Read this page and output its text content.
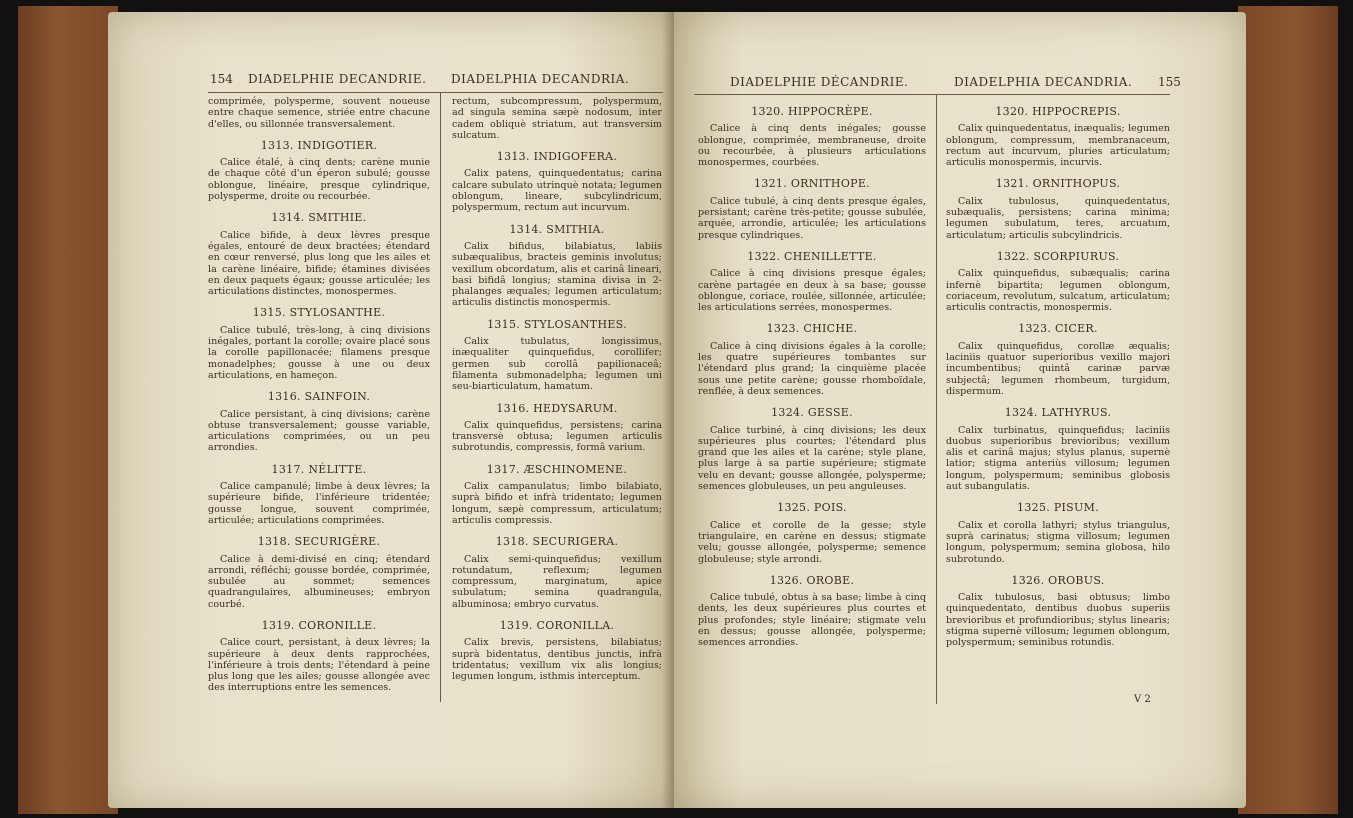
154 DIADELPHIE DECANDRIE. DIADELPHIA DECANDRIA.

comprimée, polysperme, souvent noueuse entre chaque semence, striée entre chacune d'elles, ou sillonnée transversalement.

1313. INDIGOTIER.

Calice étalé, à cinq dents; carène munie de chaque côté d'un éperon subulé; gousse oblongue, linéaire, presque cylindrique, polysperme, droite ou recourbée.

1314. SMITHIE.

Calice bifide, à deux lèvres presque égales, entouré de deux bractées; étendard en cœur renversé, plus long que les ailes et la carène linéaire, bifide; étamines divisées en deux paquets égaux; gousse articulée; les articulations distinctes, monospermes.

1315. STYLOSANTHE.

Calice tubulé, très-long, à cinq divisions inégales, portant la corolle; ovaire placé sous la corolle papillonacée; filamens presque monadelphes; gousse à une ou deux articulations, en hameçon.

1316. SAINFOIN.

Calice persistant, à cinq divisions; carène obtuse transversalement; gousse variable, articulations comprimées, ou un peu arrondies.

1317. NÉLITTE.

Calice campanulé; limbe à deux lèvres; la supérieure bifide, l'inférieure tridentée; gousse longue, souvent comprimée, articulée; articulations comprimées.

1318. SECURIGÈRE.

Calice à demi-divisé en cinq; étendard arrondi, réfléchi; gousse bordée, comprimée, subulée au sommet; semences quadrangulaires, albumineuses; embryon courbé.

1319. CORONILLE.

Calice court, persistant, à deux lèvres; la supérieure à deux dents rapprochées, l'inférieure à trois dents; l'étendard à peine plus long que les ailes; gousse allongée avec des interruptions entre les semences.

rectum, subcompressum, polyspermum, ad singula semina sæpè nodosum, inter cadem obliquè striatum, aut transversim sulcatum.

1313. INDIGOFERA.

Calix patens, quinquedentatus; carina calcare subulato utrinquè notata; legumen oblongum, lineare, subcylindricum, polyspermum, rectum aut incurvum.

1314. SMITHIA.

Calix bifidus, bilabiatus, labiis subæqualibus, bracteis geminis involutus; vexillum obcordatum, alis et carinâ lineari, basi bifidâ longius; stamina divisa in 2-phalanges æquales; legumen articulatum; articulis distinctis monospermis.

1315. STYLOSANTHES.

Calix tubulatus, longissimus, inæqualiter quinquefidus, corollifer; germen sub corollâ papilionaceâ; filamenta submonadelpha; legumen uni seu-biarticulatum, hamatum.

1316. HEDYSARUM.

Calix quinquefidus, persistens; carina transversè obtusa; legumen articulis subrotundis, compressis, formâ varium.

1317. ÆSCHINOMENE.

Calix campanulatus; limbo bilabiato, suprà bifido et infrà tridentato; legumen longum, sæpè compressum, articulatum; articulis compressis.

1318. SECURIGERA.

Calix semi-quinquefidus; vexillum rotundatum, reflexum; legumen compressum, marginatum, apice subulatum; semina quadrangula, albuminosa; embryo curvatus.

1319. CORONILLA.

Calix brevis, persistens, bilabiatus; suprà bidentatus, dentibus junctis, infrà tridentatus; vexillum vix alis longius; legumen longum, isthmis interceptum.

DIADELPHIE DÉCANDRIE.	DIADELPHIA DECANDRIA. 155
1320. HIPPOCRÈPE.

Calice à cinq dents inégales; gousse oblongue, comprimée, membraneuse, droite ou recourbée, à plusieurs articulations monospermes, courbées.

1321. ORNITHOPE.

Calice tubulé, à cinq dents presque égales, persistant; carène très-petite; gousse subulée, arquée, arrondie, articulée; les articulations presque cylindriques.

1322. CHENILLETTE.

Calice à cinq divisions presque égales; carène partagée en deux à sa base; gousse oblongue, coriace, roulée, sillonnée, articulée; les articulations serrées, monospermes.

1323. CHICHE.

Calice à cinq divisions égales à la corolle; les quatre supérieures tombantes sur l'étendard plus grand; la cinquième placée sous une petite carène; gousse rhomboïdale, renflée, à deux semences.

1324. GESSE.

Calice turbiné, à cinq divisions; les deux supérieures plus courtes; l'étendard plus grand que les ailes et la carène; style plane, plus large à sa partie supérieure; stigmate velu en devant; gousse allongée, polysperme; semences globuleuses, un peu anguleuses.

1325. POIS.

Calice et corolle de la gesse; style triangulaire, en carène en dessus; stigmate velu; gousse allongée, polysperme; semence globuleuse; style arrondi.

1326. OROBE.

Calice tubulé, obtus à sa base; limbe à cinq dents, les deux supérieures plus courtes et plus profondes; style linéaire; stigmate velu en dessus; gousse allongée, polysperme; semences arrondies.

1320. HIPPOCREPIS.

Calix quinquedentatus, inæqualis; legumen oblongum, compressum, membranaceum, rectum aut incurvum, pluries articulatum; articulis monospermis, incurvis.

1321. ORNITHOPUS.

Calix tubulosus, quinquedentatus, subæqualis, persistens; carina minima; legumen subulatum, teres, arcuatum, articulatum; articulis subcylindricis.

1322. SCORPIURUS.

Calix quinquefidus, subæqualis; carina infernè bipartita; legumen oblongum, coriaceum, revolutum, sulcatum, articulatum; articulis contractis, monospermis.

1323. CICER.

Calix quinquefidus, corollæ æqualis; laciniis quatuor superioribus vexillo majori incumbentibus; quintâ carinæ parvæ subjectâ; legumen rhombeum, turgidum, dispermum.

1324. LATHYRUS.

Calix turbinatus, quinquefidus; laciniis duobus superioribus brevioribus; vexillum alis et carinâ majus; stylus planus, supernè latior; stigma anteriùs villosum; legumen longum, polyspermum; seminibus globosis aut subangulatis.

1325. PISUM.

Calix et corolla lathyri; stylus triangulus, suprà carinatus; stigma villosum; legumen longum, polyspermum; semina globosa, hilo subrotundo.

1326. OROBUS.

Calix tubulosus, basi obtusus; limbo quinquedentato, dentibus duobus superiis brevioribus et profundioribus; stylus linearis; stigma supernè villosum; legumen oblongum, polyspermum; seminibus rotundis.

V 2
